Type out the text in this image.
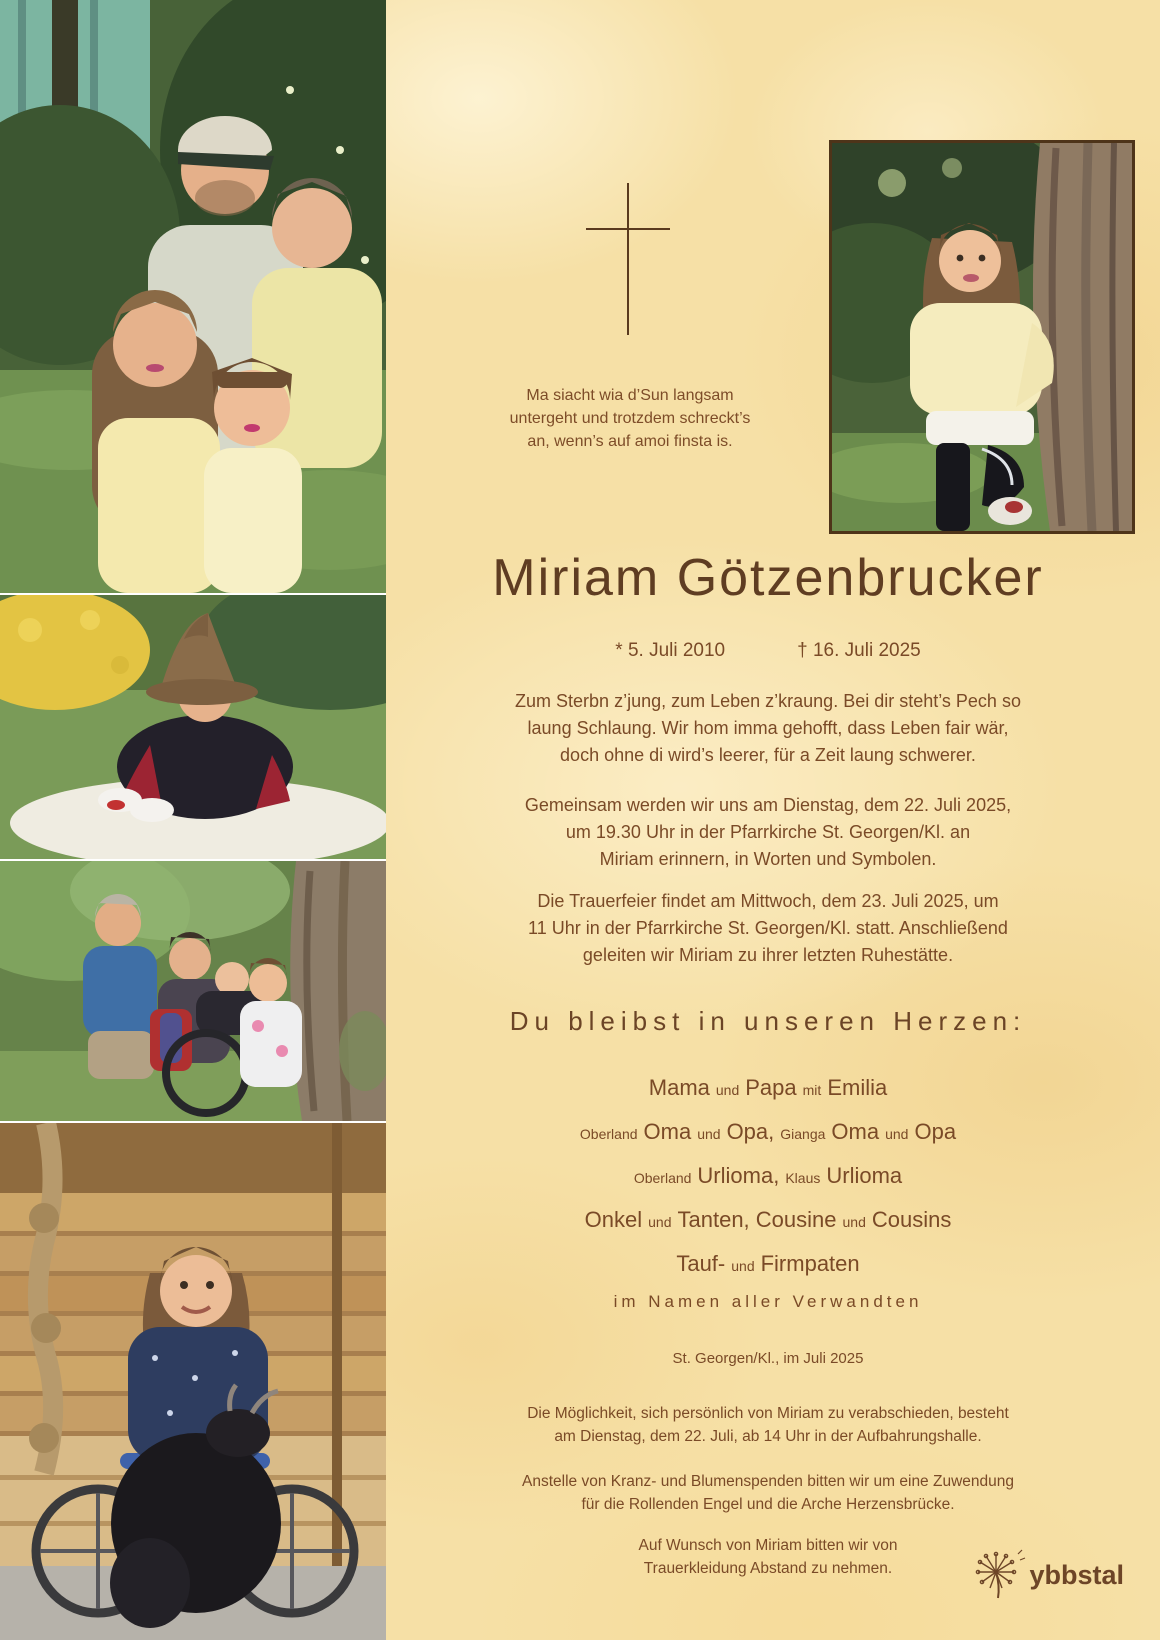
Ma siacht wia d’Sun langsam
untergeht und trotzdem schreckt’s
an, wenn’s auf amoi finsta is.
Miriam Götzenbrucker
* 5. Juli 2010	† 16. Juli 2025
Zum Sterbn z’jung, zum Leben z’kraung. Bei dir steht’s Pech so
laung Schlaung. Wir hom imma gehofft, dass Leben fair wär,
doch ohne di wird’s leerer, für a Zeit laung schwerer.
Gemeinsam werden wir uns am Dienstag, dem 22. Juli 2025,
um 19.30 Uhr in der Pfarrkirche St. Georgen/Kl. an
Miriam erinnern, in Worten und Symbolen.
Die Trauerfeier findet am Mittwoch, dem 23. Juli 2025, um
11 Uhr in der Pfarrkirche St. Georgen/Kl. statt. Anschließend
geleiten wir Miriam zu ihrer letzten Ruhestätte.
Du bleibst in unseren Herzen:
Mama und Papa mit Emilia
Oberland Oma und Opa, Gianga Oma und Opa
Oberland Urlioma, Klaus Urlioma
Onkel und Tanten, Cousine und Cousins
Tauf- und Firmpaten
im Namen aller Verwandten
St. Georgen/Kl., im Juli 2025
Die Möglichkeit, sich persönlich von Miriam zu verabschieden, besteht
am Dienstag, dem 22. Juli, ab 14 Uhr in der Aufbahrungshalle.
Anstelle von Kranz- und Blumenspenden bitten wir um eine Zuwendung
für die Rollenden Engel und die Arche Herzensbrücke.
Auf Wunsch von Miriam bitten wir von
Trauerkleidung Abstand zu nehmen.	ybbstal
